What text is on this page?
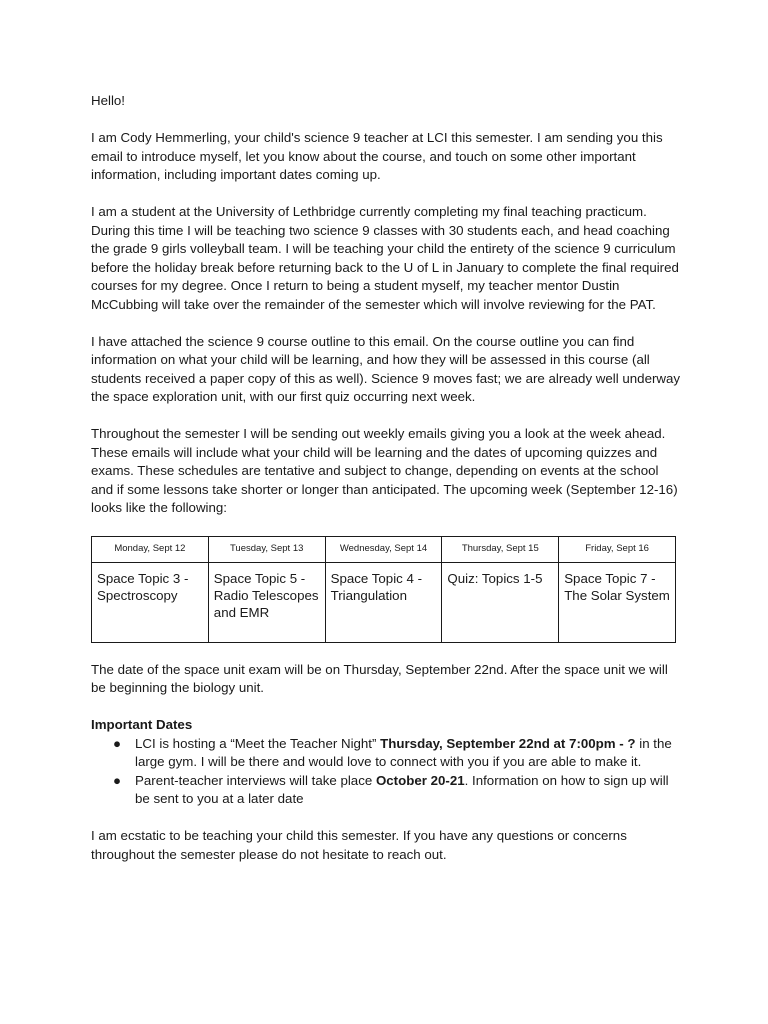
Hello!

I am Cody Hemmerling, your child's science 9 teacher at LCI this semester. I am sending you this email to introduce myself, let you know about the course, and touch on some other important information, including important dates coming up.

I am a student at the University of Lethbridge currently completing my final teaching practicum. During this time I will be teaching two science 9 classes with 30 students each, and head coaching the grade 9 girls volleyball team. I will be teaching your child the entirety of the science 9 curriculum before the holiday break before returning back to the U of L in January to complete the final required courses for my degree. Once I return to being a student myself, my teacher mentor Dustin McCubbing will take over the remainder of the semester which will involve reviewing for the PAT.

I have attached the science 9 course outline to this email. On the course outline you can find information on what your child will be learning, and how they will be assessed in this course (all students received a paper copy of this as well). Science 9 moves fast; we are already well underway the space exploration unit, with our first quiz occurring next week.

Throughout the semester I will be sending out weekly emails giving you a look at the week ahead. These emails will include what your child will be learning and the dates of upcoming quizzes and exams. These schedules are tentative and subject to change, depending on events at the school and if some lessons take shorter or longer than anticipated. The upcoming week (September 12-16) looks like the following:

Monday, Sept 12	Tuesday, Sept 13	Wednesday, Sept 14	Thursday, Sept 15	Friday, Sept 16
Space Topic 3 - Spectroscopy	Space Topic 5 - Radio Telescopes and EMR	Space Topic 4 - Triangulation	Quiz: Topics 1-5	Space Topic 7 - The Solar System

The date of the space unit exam will be on Thursday, September 22nd. After the space unit we will be beginning the biology unit.

Important Dates

● LCI is hosting a “Meet the Teacher Night” Thursday, September 22nd at 7:00pm - ? in the large gym. I will be there and would love to connect with you if you are able to make it.
● Parent-teacher interviews will take place October 20-21. Information on how to sign up will be sent to you at a later date

I am ecstatic to be teaching your child this semester. If you have any questions or concerns throughout the semester please do not hesitate to reach out.
